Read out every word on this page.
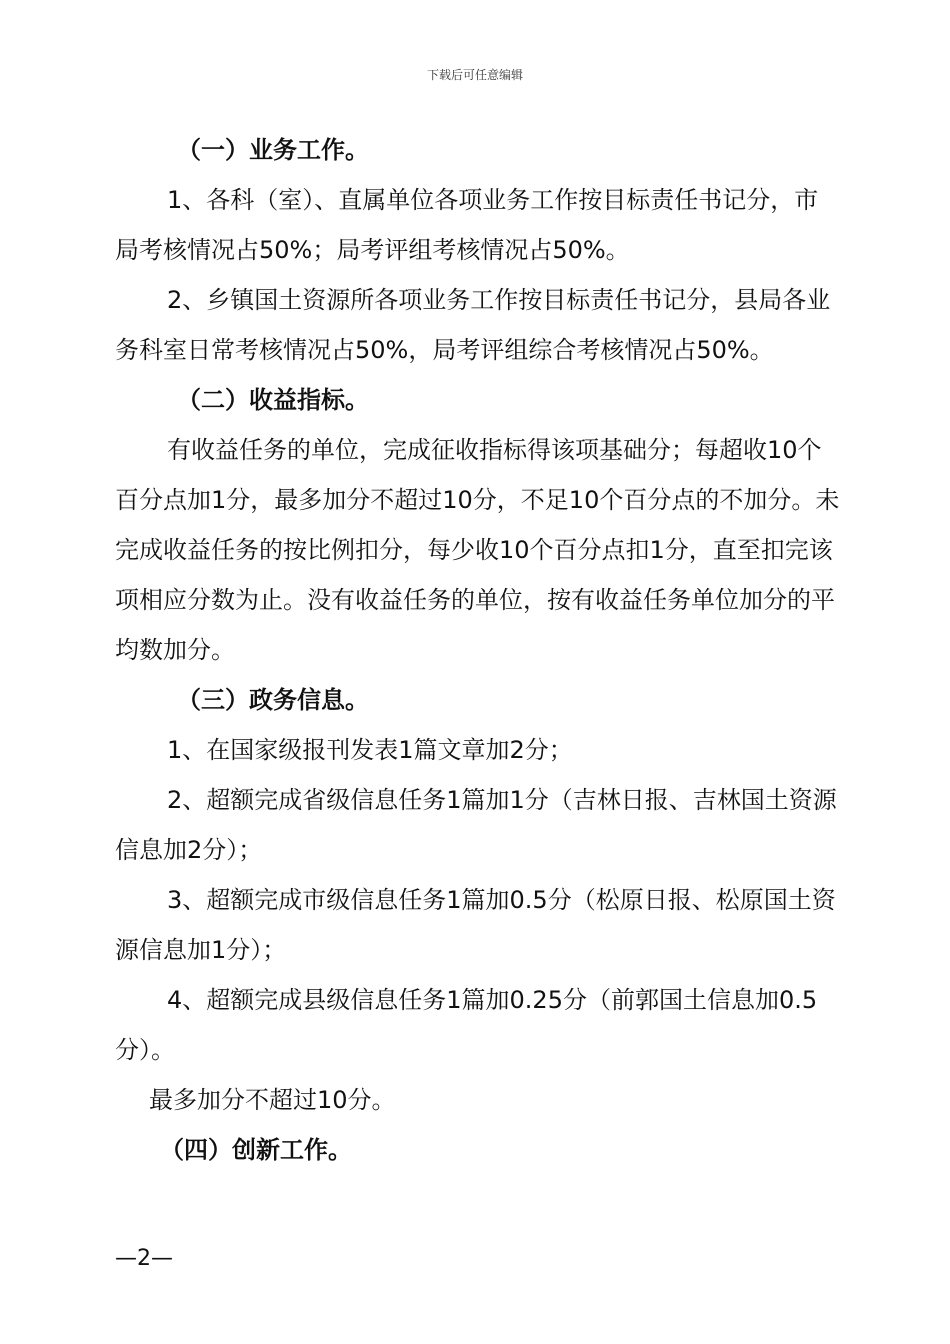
下载后可任意编辑

（一）业务工作。

1、各科（室）、直属单位各项业务工作按目标责任书记分，市局考核情况占50%；局考评组考核情况占50%。

2、乡镇国土资源所各项业务工作按目标责任书记分，县局各业务科室日常考核情况占50%，局考评组综合考核情况占50%。

（二）收益指标。

有收益任务的单位，完成征收指标得该项基础分；每超收10个百分点加1分，最多加分不超过10分，不足10个百分点的不加分。未完成收益任务的按比例扣分，每少收10个百分点扣1分，直至扣完该项相应分数为止。没有收益任务的单位，按有收益任务单位加分的平均数加分。

（三）政务信息。

1、在国家级报刊发表1篇文章加2分；

2、超额完成省级信息任务1篇加1分（吉林日报、吉林国土资源信息加2分）；

3、超额完成市级信息任务1篇加0.5分（松原日报、松原国土资源信息加1分）；

4、超额完成县级信息任务1篇加0.25分（前郭国土信息加0.5分）。

最多加分不超过10分。

（四）创新工作。

—2—
